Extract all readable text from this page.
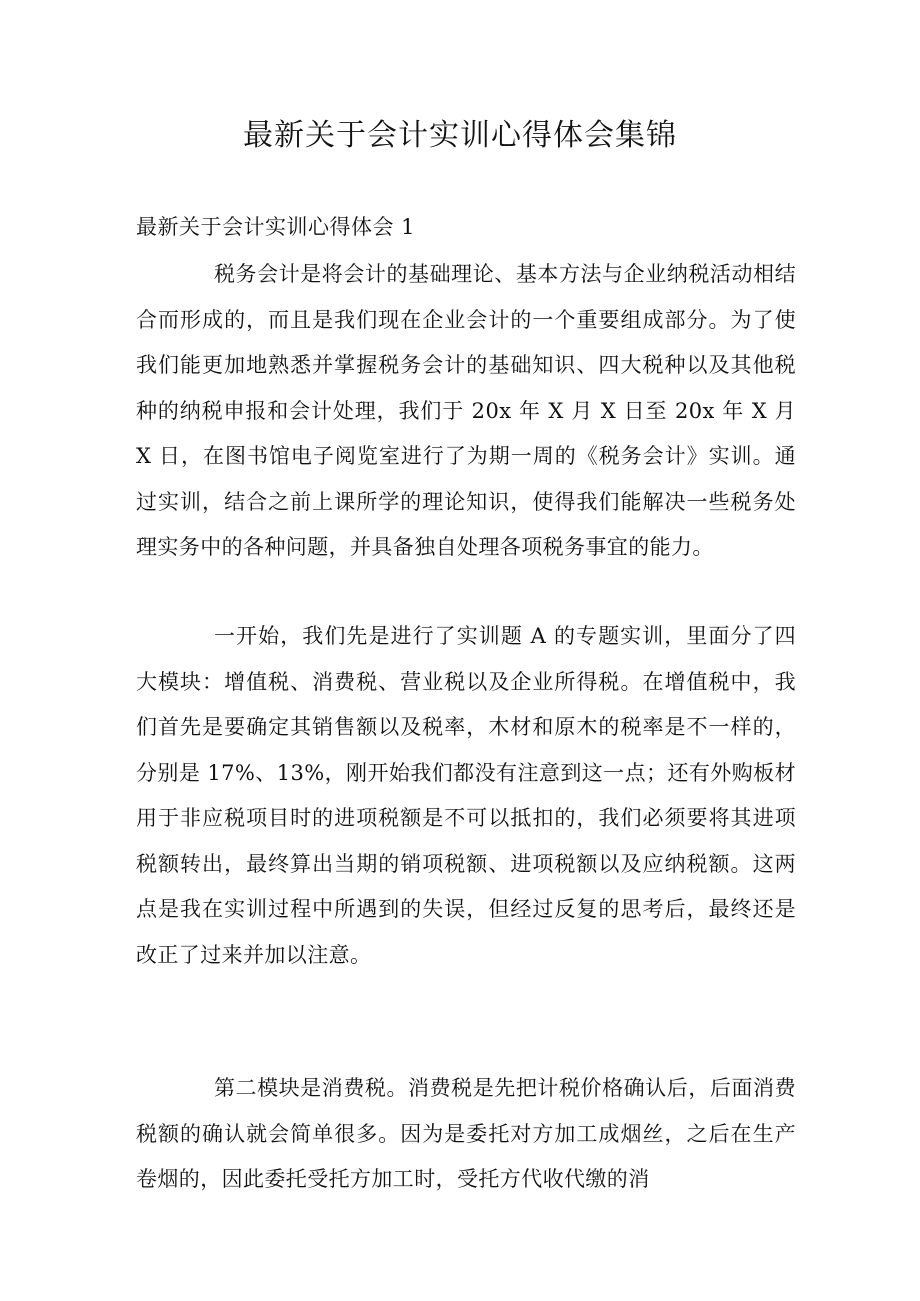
最新关于会计实训心得体会集锦

最新关于会计实训心得体会 1

税务会计是将会计的基础理论、基本方法与企业纳税活动相结合而形成的，而且是我们现在企业会计的一个重要组成部分。为了使我们能更加地熟悉并掌握税务会计的基础知识、四大税种以及其他税种的纳税申报和会计处理，我们于 20x 年 X 月 X 日至 20x 年 X 月 X 日，在图书馆电子阅览室进行了为期一周的《税务会计》实训。通过实训，结合之前上课所学的理论知识，使得我们能解决一些税务处理实务中的各种问题，并具备独自处理各项税务事宜的能力。

一开始，我们先是进行了实训题 A 的专题实训，里面分了四大模块：增值税、消费税、营业税以及企业所得税。在增值税中，我们首先是要确定其销售额以及税率，木材和原木的税率是不一样的，分别是 17%、13%，刚开始我们都没有注意到这一点；还有外购板材用于非应税项目时的进项税额是不可以抵扣的，我们必须要将其进项税额转出，最终算出当期的销项税额、进项税额以及应纳税额。这两点是我在实训过程中所遇到的失误，但经过反复的思考后，最终还是改正了过来并加以注意。

第二模块是消费税。消费税是先把计税价格确认后，后面消费税额的确认就会简单很多。因为是委托对方加工成烟丝，之后在生产卷烟的，因此委托受托方加工时，受托方代收代缴的消
